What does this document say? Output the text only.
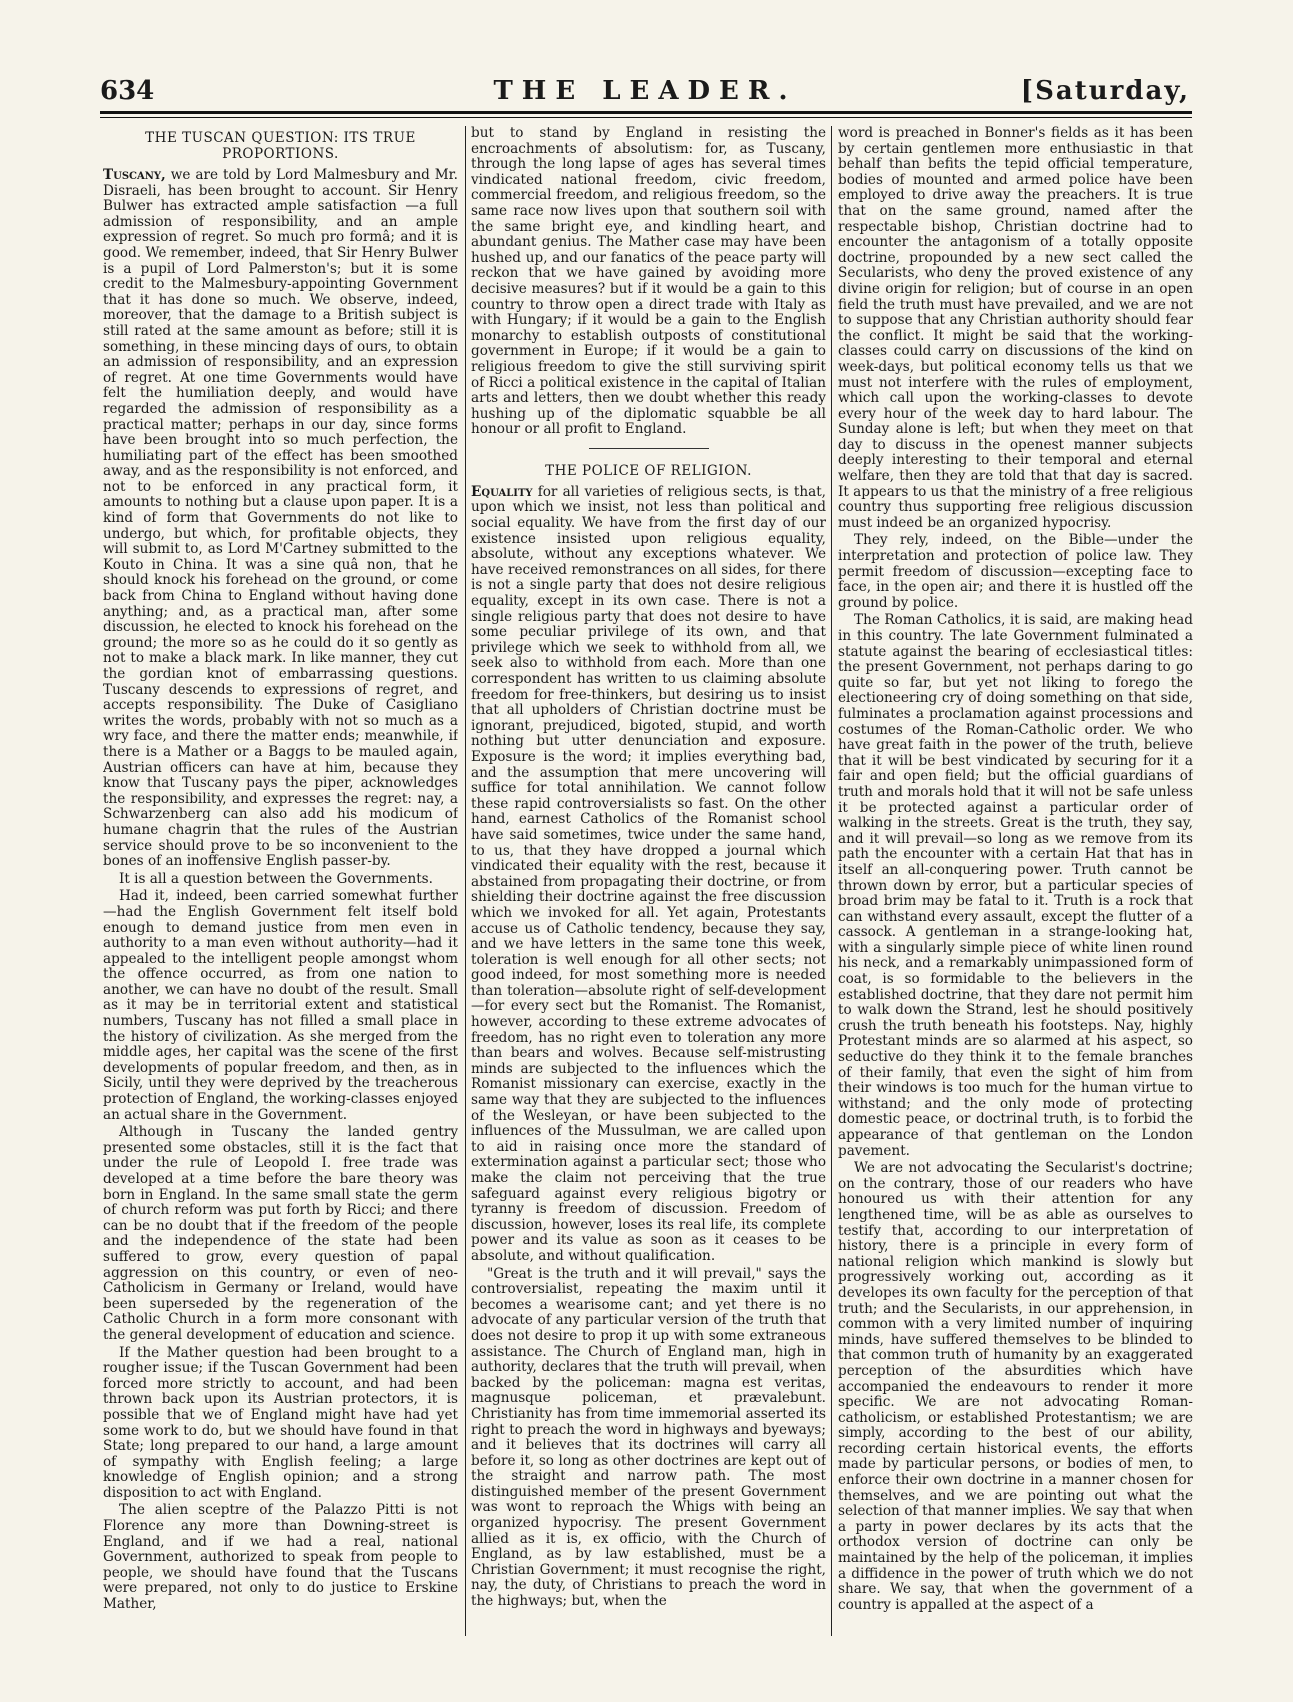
634	THE LEADER.	[Saturday,
THE TUSCAN QUESTION: ITS TRUE PROPORTIONS.

Tuscany, we are told by Lord Malmesbury and Mr. Disraeli, has been brought to account. Sir Henry Bulwer has extracted ample satisfaction —a full admission of responsibility, and an ample expression of regret. So much pro formâ; and it is good. We remember, indeed, that Sir Henry Bulwer is a pupil of Lord Palmerston's; but it is some credit to the Malmesbury-appointing Government that it has done so much. We observe, indeed, moreover, that the damage to a British subject is still rated at the same amount as before; still it is something, in these mincing days of ours, to obtain an admission of responsibility, and an expression of regret. At one time Governments would have felt the humiliation deeply, and would have regarded the admission of responsibility as a practical matter; perhaps in our day, since forms have been brought into so much perfection, the humiliating part of the effect has been smoothed away, and as the responsibility is not enforced, and not to be enforced in any practical form, it amounts to nothing but a clause upon paper. It is a kind of form that Governments do not like to undergo, but which, for profitable objects, they will submit to, as Lord M'Cartney submitted to the Kouto in China. It was a sine quâ non, that he should knock his forehead on the ground, or come back from China to England without having done anything; and, as a practical man, after some discussion, he elected to knock his forehead on the ground; the more so as he could do it so gently as not to make a black mark. In like manner, they cut the gordian knot of embarrassing questions. Tuscany descends to expressions of regret, and accepts responsibility. The Duke of Casigliano writes the words, probably with not so much as a wry face, and there the matter ends; meanwhile, if there is a Mather or a Baggs to be mauled again, Austrian officers can have at him, because they know that Tuscany pays the piper, acknowledges the responsibility, and expresses the regret: nay, a Schwarzenberg can also add his modicum of humane chagrin that the rules of the Austrian service should prove to be so inconvenient to the bones of an inoffensive English passer-by.

It is all a question between the Governments.

Had it, indeed, been carried somewhat further —had the English Government felt itself bold enough to demand justice from men even in authority to a man even without authority—had it appealed to the intelligent people amongst whom the offence occurred, as from one nation to another, we can have no doubt of the result. Small as it may be in territorial extent and statistical numbers, Tuscany has not filled a small place in the history of civilization. As she merged from the middle ages, her capital was the scene of the first developments of popular freedom, and then, as in Sicily, until they were deprived by the treacherous protection of England, the working-classes enjoyed an actual share in the Government.

Although in Tuscany the landed gentry presented some obstacles, still it is the fact that under the rule of Leopold I. free trade was developed at a time before the bare theory was born in England. In the same small state the germ of church reform was put forth by Ricci; and there can be no doubt that if the freedom of the people and the independence of the state had been suffered to grow, every question of papal aggression on this country, or even of neo-Catholicism in Germany or Ireland, would have been superseded by the regeneration of the Catholic Church in a form more consonant with the general development of education and science.

If the Mather question had been brought to a rougher issue; if the Tuscan Government had been forced more strictly to account, and had been thrown back upon its Austrian protectors, it is possible that we of England might have had yet some work to do, but we should have found in that State; long prepared to our hand, a large amount of sympathy with English feeling; a large knowledge of English opinion; and a strong disposition to act with England.

The alien sceptre of the Palazzo Pitti is not Florence any more than Downing-street is England, and if we had a real, national Government, authorized to speak from people to people, we should have found that the Tuscans were prepared, not only to do justice to Erskine Mather,

but to stand by England in resisting the encroachments of absolutism: for, as Tuscany, through the long lapse of ages has several times vindicated national freedom, civic freedom, commercial freedom, and religious freedom, so the same race now lives upon that southern soil with the same bright eye, and kindling heart, and abundant genius. The Mather case may have been hushed up, and our fanatics of the peace party will reckon that we have gained by avoiding more decisive measures? but if it would be a gain to this country to throw open a direct trade with Italy as with Hungary; if it would be a gain to the English monarchy to establish outposts of constitutional government in Europe; if it would be a gain to religious freedom to give the still surviving spirit of Ricci a political existence in the capital of Italian arts and letters, then we doubt whether this ready hushing up of the diplomatic squabble be all honour or all profit to England.

THE POLICE OF RELIGION.

Equality for all varieties of religious sects, is that, upon which we insist, not less than political and social equality. We have from the first day of our existence insisted upon religious equality, absolute, without any exceptions whatever. We have received remonstrances on all sides, for there is not a single party that does not desire religious equality, except in its own case. There is not a single religious party that does not desire to have some peculiar privilege of its own, and that privilege which we seek to withhold from all, we seek also to withhold from each. More than one correspondent has written to us claiming absolute freedom for free-thinkers, but desiring us to insist that all upholders of Christian doctrine must be ignorant, prejudiced, bigoted, stupid, and worth nothing but utter denunciation and exposure. Exposure is the word; it implies everything bad, and the assumption that mere uncovering will suffice for total annihilation. We cannot follow these rapid controversialists so fast. On the other hand, earnest Catholics of the Romanist school have said sometimes, twice under the same hand, to us, that they have dropped a journal which vindicated their equality with the rest, because it abstained from propagating their doctrine, or from shielding their doctrine against the free discussion which we invoked for all. Yet again, Protestants accuse us of Catholic tendency, because they say, and we have letters in the same tone this week, toleration is well enough for all other sects; not good indeed, for most something more is needed than toleration—absolute right of self-development—for every sect but the Romanist. The Romanist, however, according to these extreme advocates of freedom, has no right even to toleration any more than bears and wolves. Because self-mistrusting minds are subjected to the influences which the Romanist missionary can exercise, exactly in the same way that they are subjected to the influences of the Wesleyan, or have been subjected to the influences of the Mussulman, we are called upon to aid in raising once more the standard of extermination against a particular sect; those who make the claim not perceiving that the true safeguard against every religious bigotry or tyranny is freedom of discussion. Freedom of discussion, however, loses its real life, its complete power and its value as soon as it ceases to be absolute, and without qualification.

"Great is the truth and it will prevail," says the controversialist, repeating the maxim until it becomes a wearisome cant; and yet there is no advocate of any particular version of the truth that does not desire to prop it up with some extraneous assistance. The Church of England man, high in authority, declares that the truth will prevail, when backed by the policeman: magna est veritas, magnusque policeman, et prævalebunt. Christianity has from time immemorial asserted its right to preach the word in highways and byeways; and it believes that its doctrines will carry all before it, so long as other doctrines are kept out of the straight and narrow path. The most distinguished member of the present Government was wont to reproach the Whigs with being an organized hypocrisy. The present Government allied as it is, ex officio, with the Church of England, as by law established, must be a Christian Government; it must recognise the right, nay, the duty, of Christians to preach the word in the highways; but, when the

word is preached in Bonner's fields as it has been by certain gentlemen more enthusiastic in that behalf than befits the tepid official temperature, bodies of mounted and armed police have been employed to drive away the preachers. It is true that on the same ground, named after the respectable bishop, Christian doctrine had to encounter the antagonism of a totally opposite doctrine, propounded by a new sect called the Secularists, who deny the proved existence of any divine origin for religion; but of course in an open field the truth must have prevailed, and we are not to suppose that any Christian authority should fear the conflict. It might be said that the working-classes could carry on discussions of the kind on week-days, but political economy tells us that we must not interfere with the rules of employment, which call upon the working-classes to devote every hour of the week day to hard labour. The Sunday alone is left; but when they meet on that day to discuss in the openest manner subjects deeply interesting to their temporal and eternal welfare, then they are told that that day is sacred. It appears to us that the ministry of a free religious country thus supporting free religious discussion must indeed be an organized hypocrisy.

They rely, indeed, on the Bible—under the interpretation and protection of police law. They permit freedom of discussion—excepting face to face, in the open air; and there it is hustled off the ground by police.

The Roman Catholics, it is said, are making head in this country. The late Government fulminated a statute against the bearing of ecclesiastical titles: the present Government, not perhaps daring to go quite so far, but yet not liking to forego the electioneering cry of doing something on that side, fulminates a proclamation against processions and costumes of the Roman-Catholic order. We who have great faith in the power of the truth, believe that it will be best vindicated by securing for it a fair and open field; but the official guardians of truth and morals hold that it will not be safe unless it be protected against a particular order of walking in the streets. Great is the truth, they say, and it will prevail—so long as we remove from its path the encounter with a certain Hat that has in itself an all-conquering power. Truth cannot be thrown down by error, but a particular species of broad brim may be fatal to it. Truth is a rock that can withstand every assault, except the flutter of a cassock. A gentleman in a strange-looking hat, with a singularly simple piece of white linen round his neck, and a remarkably unimpassioned form of coat, is so formidable to the believers in the established doctrine, that they dare not permit him to walk down the Strand, lest he should positively crush the truth beneath his footsteps. Nay, highly Protestant minds are so alarmed at his aspect, so seductive do they think it to the female branches of their family, that even the sight of him from their windows is too much for the human virtue to withstand; and the only mode of protecting domestic peace, or doctrinal truth, is to forbid the appearance of that gentleman on the London pavement.

We are not advocating the Secularist's doctrine; on the contrary, those of our readers who have honoured us with their attention for any lengthened time, will be as able as ourselves to testify that, according to our interpretation of history, there is a principle in every form of national religion which mankind is slowly but progressively working out, according as it developes its own faculty for the perception of that truth; and the Secularists, in our apprehension, in common with a very limited number of inquiring minds, have suffered themselves to be blinded to that common truth of humanity by an exaggerated perception of the absurdities which have accompanied the endeavours to render it more specific. We are not advocating Roman-catholicism, or established Protestantism; we are simply, according to the best of our ability, recording certain historical events, the efforts made by particular persons, or bodies of men, to enforce their own doctrine in a manner chosen for themselves, and we are pointing out what the selection of that manner implies. We say that when a party in power declares by its acts that the orthodox version of doctrine can only be maintained by the help of the policeman, it implies a diffidence in the power of truth which we do not share. We say, that when the government of a country is appalled at the aspect of a
